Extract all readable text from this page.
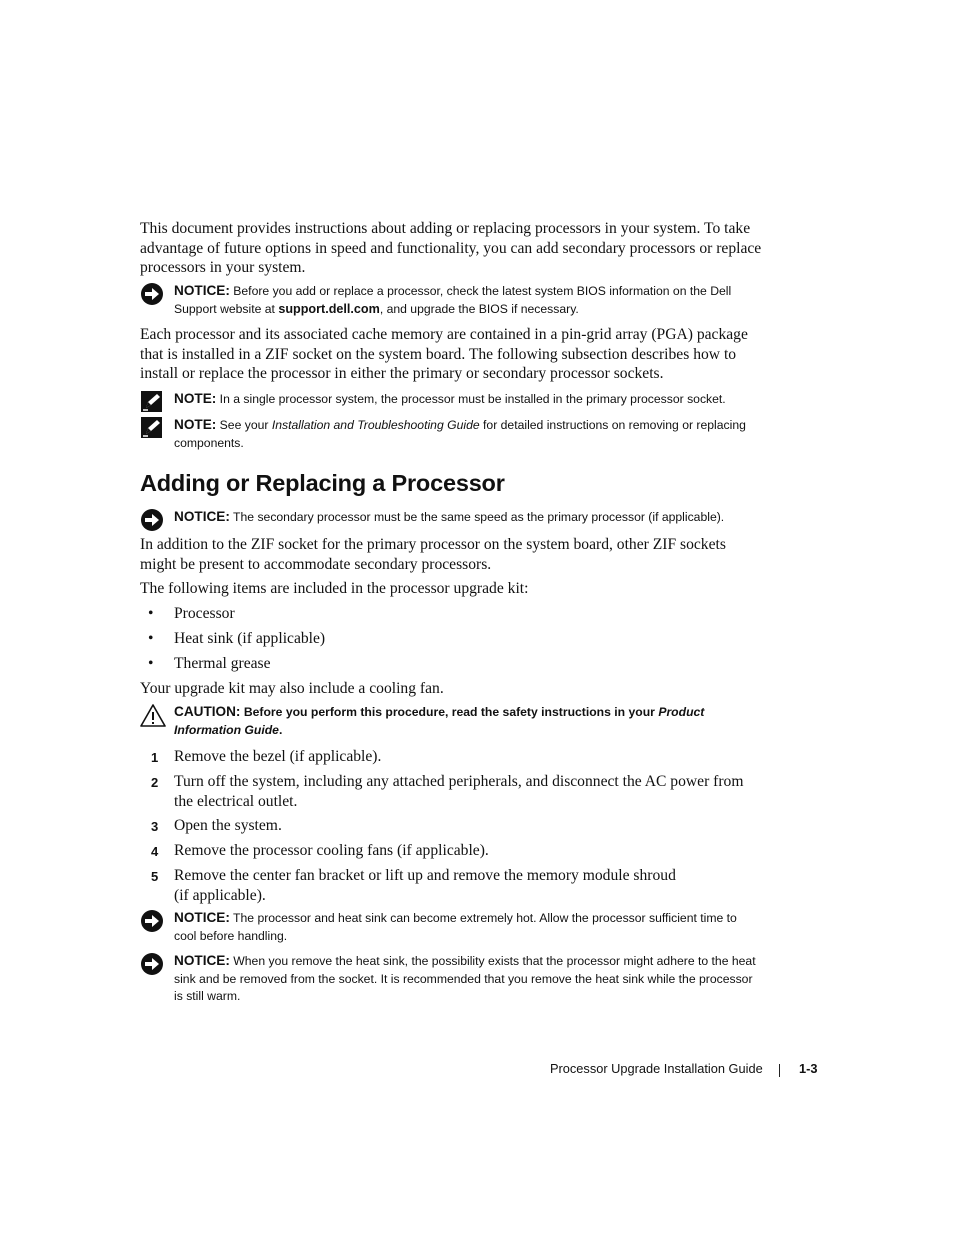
This document provides instructions about adding or replacing processors in your system. To take advantage of future options in speed and functionality, you can add secondary processors or replace processors in your system.

NOTICE: Before you add or replace a processor, check the latest system BIOS information on the Dell Support website at support.dell.com, and upgrade the BIOS if necessary.

Each processor and its associated cache memory are contained in a pin-grid array (PGA) package that is installed in a ZIF socket on the system board. The following subsection describes how to install or replace the processor in either the primary or secondary processor sockets.

NOTE: In a single processor system, the processor must be installed in the primary processor socket.

NOTE: See your Installation and Troubleshooting Guide for detailed instructions on removing or replacing components.

Adding or Replacing a Processor

NOTICE: The secondary processor must be the same speed as the primary processor (if applicable).

In addition to the ZIF socket for the primary processor on the system board, other ZIF sockets might be present to accommodate secondary processors.

The following items are included in the processor upgrade kit:

• Processor
• Heat sink (if applicable)
• Thermal grease

Your upgrade kit may also include a cooling fan.

CAUTION: Before you perform this procedure, read the safety instructions in your Product Information Guide.

1 Remove the bezel (if applicable).
2 Turn off the system, including any attached peripherals, and disconnect the AC power from the electrical outlet.
3 Open the system.
4 Remove the processor cooling fans (if applicable).
5 Remove the center fan bracket or lift up and remove the memory module shroud (if applicable).

NOTICE: The processor and heat sink can become extremely hot. Allow the processor sufficient time to cool before handling.

NOTICE: When you remove the heat sink, the possibility exists that the processor might adhere to the heat sink and be removed from the socket. It is recommended that you remove the heat sink while the processor is still warm.

Processor Upgrade Installation Guide	1-3
